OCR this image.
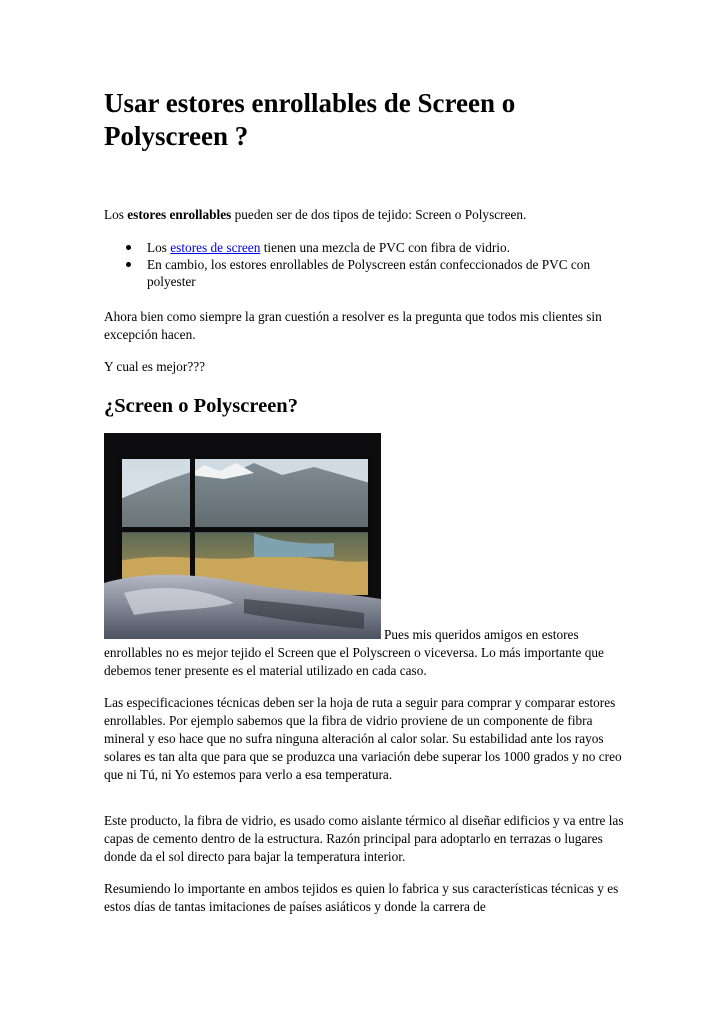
Usar estores enrollables de Screen o Polyscreen ?

Los estores enrollables pueden ser de dos tipos de tejido: Screen o Polyscreen.

Los estores de screen tienen una mezcla de PVC con fibra de vidrio.
En cambio, los estores enrollables de Polyscreen están confeccionados de PVC con polyester

Ahora bien como siempre la gran cuestión a resolver es la pregunta que todos mis clientes sin excepción hacen.

Y cual es mejor???

¿Screen o Polyscreen?

Pues mis queridos amigos en estores enrollables no es mejor tejido el Screen que el Polyscreen o viceversa. Lo más importante que debemos tener presente es el material utilizado en cada caso.

Las especificaciones técnicas deben ser la hoja de ruta a seguir para comprar y comparar estores enrollables. Por ejemplo sabemos que la fibra de vidrio proviene de un componente de fibra mineral y eso hace que no sufra ninguna alteración al calor solar. Su estabilidad ante los rayos solares es tan alta que para que se produzca una variación debe superar los 1000 grados y no creo que ni Tú, ni Yo estemos para verlo a esa temperatura.

Este producto, la fibra de vidrio, es usado como aislante térmico al diseñar edificios y va entre las capas de cemento dentro de la estructura. Razón principal para adoptarlo en terrazas o lugares donde da el sol directo para bajar la temperatura interior.

Resumiendo lo importante en ambos tejidos es quien lo fabrica y sus características técnicas y es estos días de tantas imitaciones de países asiáticos y donde la carrera de
